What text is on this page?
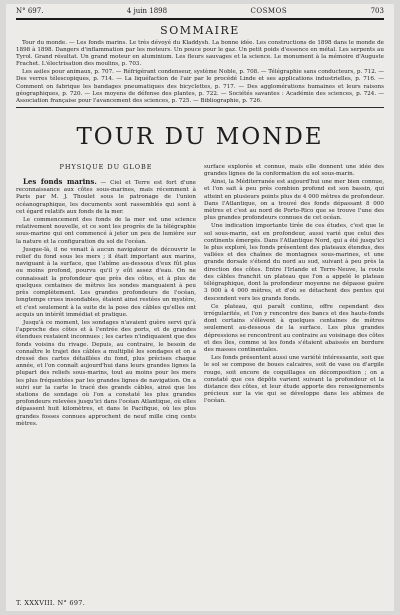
N° 697.	4 juin 1898	COSMOS	703
SOMMAIRE

Tour du monde. — Les fonds marins. Le très dévoyé du Kladdysh. La bonne idée. Les constructions de 1898 dans le monde de 1898 à 1898. Dangers d'inflammation par les moteurs. Un pouce pour le gaz. Un petit poids d'essence en métal. Les serpents au Tyrol. Grand résultat. Un grand moteur en aluminium. Les fleurs sauvages et la science. Le monument à la mémoire d'Auguste Frachet. L'électrisation des moulins, p. 703.

Les asiles pour animaux, p. 707. — Réfrigérant condenseur, système Noble, p. 708. — Télégraphie sans conducteurs, p. 712. — Des verres télescopiques, p. 714. — La liquéfaction de l'air par le procédé Linde et ses applications industrielles, p. 716. — Comment on fabrique les bandages pneumatiques des bicyclettes, p. 717. — Des agglomérations humaines et leurs raisons géographiques, p. 720. — Les moyens de défense des plantes, p. 722. — Sociétés savantes : Académie des sciences, p. 724. — Association française pour l'avancement des sciences, p. 725. — Bibliographie, p. 726.

TOUR DU MONDE

PHYSIQUE DU GLOBE

Les fonds marins. — Ciel et Terre est fort d'une reconnaissance aux côtes sous-marines, mais récemment à Paris par M. J. Thoulet sous le patronage de l'union océanographique, les documents sont rassemblés qui sont à cet égard relatifs aux fonds de la mer.

Le commencement des fonds de la mer est une science relativement nouvelle, et ce sont les progrès de la télégraphie sous-marine qui ont commencé à jeter un peu de lumière sur la nature et la configuration du sol de l'océan.

Jusque-là, il ne venait à aucun navigateur de découvrir le relief du fond sous les mers ; il était important aux marins, naviguant à la surface, que l'abîme au-dessous d'eux fût plus ou moins profond, pourvu qu'il y eût assez d'eau. On ne connaissait la profondeur que près des côtes, et à plus de quelques centaines de mètres les sondes manquaient à peu près complètement. Les grandes profondeurs de l'océan, longtemps crues insondables, étaient ainsi restées un mystère, et c'est seulement à la suite de la pose des câbles qu'elles ont acquis un intérêt immédiat et pratique.

Jusqu'à ce moment, les sondages n'avaient guère servi qu'à l'approche des côtes et à l'entrée des ports, et de grandes étendues restaient inconnues ; les cartes n'indiquaient que des fonds voisins du rivage. Depuis, au contraire, le besoin de connaître le trajet des câbles a multiplié les sondages et on a dressé des cartes détaillées du fond, plus précises chaque année, et l'on connaît aujourd'hui dans leurs grandes lignes la plupart des reliefs sous-marins, tout au moins pour les mers les plus fréquentées par les grandes lignes de navigation. On a suivi sur la carte le tracé des grands câbles, ainsi que les stations de sondage où l'on a constaté les plus grandes profondeurs relevées jusqu'ici dans l'océan Atlantique, où elles dépassent huit kilomètres, et dans le Pacifique, où les plus grandes fosses connues approchent de neuf mille cinq cents mètres.

surface explorée et connue, mais elle donnent une idée des grandes lignes de la conformation du sol sous-marin.

Ainsi, la Méditerranée est aujourd'hui une mer bien connue, et l'on sait à peu près combien profond est son bassin, qui atteint en plusieurs points plus de 4 000 mètres de profondeur. Dans l'Atlantique, on a trouvé des fonds dépassant 8 000 mètres et c'est au nord de Porto-Rico que se trouve l'une des plus grandes profondeurs connues de cet océan.

Une indication importante tirée de ces études, c'est que le sol sous-marin, est en profondeur, aussi varié que celui des continents émergés. Dans l'Atlantique Nord, qui a été jusqu'ici le plus exploré, les fonds présentent des plateaux étendus, des vallées et des chaînes de montagnes sous-marines, et une grande dorsale s'étend du nord au sud, suivant à peu près la direction des côtes. Entre l'Irlande et Terre-Neuve, la route des câbles franchit un plateau que l'on a appelé le plateau télégraphique, dont la profondeur moyenne ne dépasse guère 3 000 à 4 000 mètres, et d'où se détachent des pentes qui descendent vers les grands fonds.

Ce plateau, qui paraît continu, offre cependant des irrégularités, et l'on y rencontre des bancs et des hauts-fonds dont certains s'élèvent à quelques centaines de mètres seulement au-dessous de la surface. Les plus grandes dépressions se rencontrent au contraire au voisinage des côtes et des îles, comme si les fonds s'étaient abaissés en bordure des masses continentales.

Les fonds présentent aussi une variété intéressante, soit que le sol se compose de boues calcaires, soit de vase ou d'argile rouge, soit encore de coquillages en décomposition ; on a constaté que ces dépôts varient suivant la profondeur et la distance des côtes, et leur étude apporte des renseignements précieux sur la vie qui se développe dans les abîmes de l'océan.

T. XXXVIII. N° 697.
